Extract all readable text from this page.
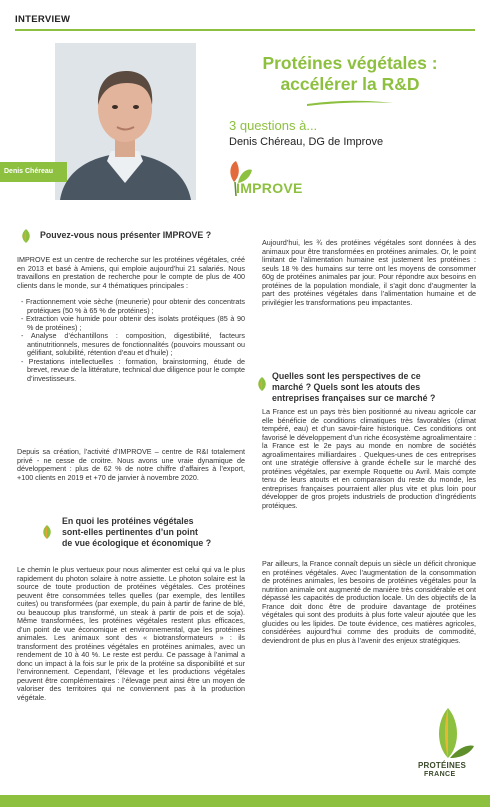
INTERVIEW
Denis Chéreau
Protéines végétales :
accélérer la R&D
3 questions à...
Denis Chéreau, DG de Improve
IMPROVE
Pouvez-vous nous présenter IMPROVE ?
IMPROVE est un centre de recherche sur les protéines végétales, créé en 2013 et basé à Amiens, qui emploie aujourd’hui 21 salariés. Nous travaillons en prestation de recherche pour le compte de plus de 400 clients dans le monde, sur 4 thématiques principales :
- Fractionnement voie sèche (meunerie) pour obtenir des concentrats protéiques (50 % à 65 % de protéines) ;
- Extraction voie humide pour obtenir des isolats protéiques (85 à 90 % de protéines) ;
- Analyse d’échantillons : composition, digestibilité, facteurs antinutritionnels, mesures de fonctionnalités (pouvoirs moussant ou gélifiant, solubilité, rétention d’eau et d’huile) ;
- Prestations intellectuelles : formation, brainstorming, étude de brevet, revue de la littérature, technical due diligence pour le compte d’investisseurs.
Depuis sa création, l’activité d’IMPROVE – centre de R&I totalement privé - ne cesse de croitre. Nous avons une vraie dynamique de développement : plus de 62 % de notre chiffre d’affaires à l’export, +100 clients en 2019 et +70 de janvier à novembre 2020.
En quoi les protéines végétales
sont-elles pertinentes d’un point
de vue écologique et économique ?
Le chemin le plus vertueux pour nous alimenter est celui qui va le plus rapidement du photon solaire à notre assiette. Le photon solaire est la source de toute production de protéines végétales. Ces protéines peuvent être consommées telles quelles (par exemple, des lentilles cuites) ou transformées (par exemple, du pain à partir de farine de blé, ou beaucoup plus transformé, un steak à partir de pois et de soja). Même transformées, les protéines végétales restent plus efficaces, d’un point de vue économique et environnemental, que les protéines animales. Les animaux sont des « biotransformateurs » : ils transforment des protéines végétales en protéines animales, avec un rendement de 10 à 40 %. Le reste est perdu. Ce passage à l’animal a donc un impact à la fois sur le prix de la protéine sa disponibilité et sur l’environnement. Cependant, l’élevage et les productions végétales peuvent être complémentaires : l’élevage peut ainsi être un moyen de valoriser des territoires qui ne conviennent pas à la production végétale.
Aujourd’hui, les ¾ des protéines végétales sont données à des animaux pour être transformées en protéines animales. Or, le point limitant de l’alimentation humaine est justement les protéines : seuls 18 % des humains sur terre ont les moyens de consommer 60g de protéines animales par jour. Pour répondre aux besoins en protéines de la population mondiale, il s’agit donc d’augmenter la part des protéines végétales dans l’alimentation humaine et de privilégier les transformations peu impactantes.
Quelles sont les perspectives de ce
marché ? Quels sont les atouts des
entreprises françaises sur ce marché ?
La France est un pays très bien positionné au niveau agricole car elle bénéficie de conditions climatiques très favorables (climat tempéré, eau) et d’un savoir-faire historique. Ces conditions ont favorisé le développement d’un riche écosystème agroalimentaire : la France est le 2e pays au monde en nombre de sociétés agroalimentaires milliardaires . Quelques-unes de ces entreprises ont une stratégie offensive à grande échelle sur le marché des protéines végétales, par exemple Roquette ou Avril. Mais compte tenu de leurs atouts et en comparaison du reste du monde, les entreprises françaises pourraient aller plus vite et plus loin pour développer de gros projets industriels de production d’ingrédients protéiques.
Par ailleurs, la France connaît depuis un siècle un déficit chronique en protéines végétales. Avec l’augmentation de la consommation de protéines animales, les besoins de protéines végétales pour la nutrition animale ont augmenté de manière très considérable et ont dépassé les capacités de production locale. Un des objectifs de la France doit donc être de produire davantage de protéines végétales qui sont des produits à plus forte valeur ajoutée que les glucides ou les lipides. De toute évidence, ces matières agricoles, considérées aujourd’hui comme des produits de commodité, deviendront de plus en plus à l’avenir des enjeux stratégiques.
PROTÉINES
FRANCE
